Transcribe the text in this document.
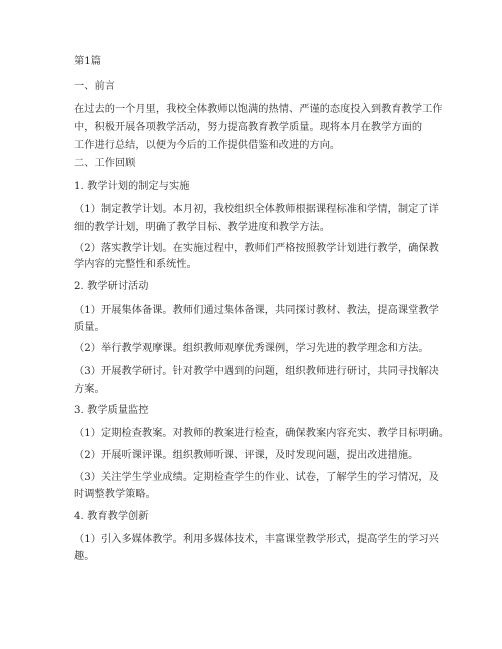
第1篇
一、前言
在过去的一个月里，我校全体教师以饱满的热情、严谨的态度投入到教育教学工作
中，积极开展各项教学活动，努力提高教育教学质量。现将本月在教学方面的
工作进行总结，以便为今后的工作提供借鉴和改进的方向。
二、工作回顾
1. 教学计划的制定与实施
（1）制定教学计划。本月初，我校组织全体教师根据课程标准和学情，制定了详
细的教学计划，明确了教学目标、教学进度和教学方法。
（2）落实教学计划。在实施过程中，教师们严格按照教学计划进行教学，确保教
学内容的完整性和系统性。
2. 教学研讨活动
（1）开展集体备课。教师们通过集体备课，共同探讨教材、教法，提高课堂教学
质量。
（2）举行教学观摩课。组织教师观摩优秀课例，学习先进的教学理念和方法。
（3）开展教学研讨。针对教学中遇到的问题，组织教师进行研讨，共同寻找解决
方案。
3. 教学质量监控
（1）定期检查教案。对教师的教案进行检查，确保教案内容充实、教学目标明确。
（2）开展听课评课。组织教师听课、评课，及时发现问题，提出改进措施。
（3）关注学生学业成绩。定期检查学生的作业、试卷，了解学生的学习情况，及
时调整教学策略。
4. 教育教学创新
（1）引入多媒体教学。利用多媒体技术，丰富课堂教学形式，提高学生的学习兴
趣。
